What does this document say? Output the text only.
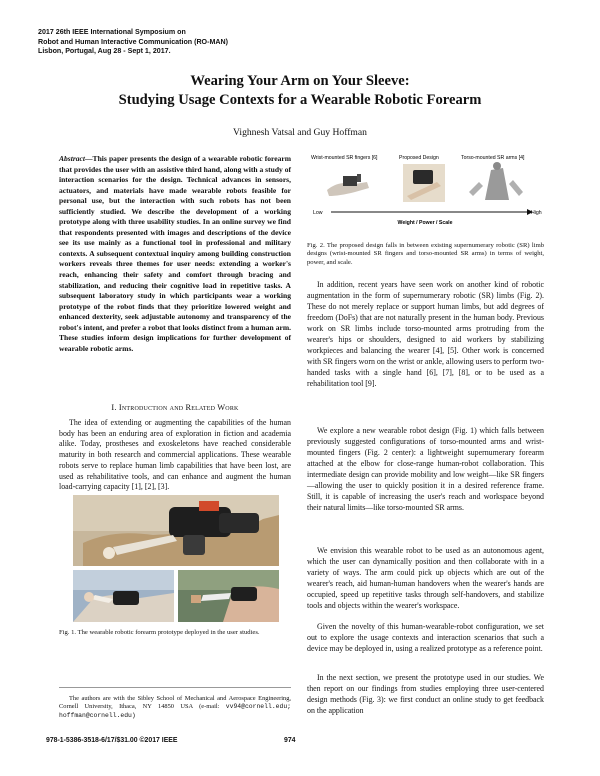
2017 26th IEEE International Symposium on
Robot and Human Interactive Communication (RO-MAN)
Lisbon, Portugal, Aug 28 - Sept 1, 2017.
Wearing Your Arm on Your Sleeve:
Studying Usage Contexts for a Wearable Robotic Forearm
Vighnesh Vatsal and Guy Hoffman
Abstract—This paper presents the design of a wearable robotic forearm that provides the user with an assistive third hand, along with a study of interaction scenarios for the design. Technical advances in sensors, actuators, and materials have made wearable robots feasible for personal use, but the interaction with such robots has not been sufficiently studied. We describe the development of a working prototype along with three usability studies. In an online survey we find that respondents presented with images and descriptions of the device see its use mainly as a functional tool in professional and military contexts. A subsequent contextual inquiry among building construction workers reveals three themes for user needs: extending a worker's reach, enhancing their safety and comfort through bracing and stabilization, and reducing their cognitive load in repetitive tasks. A subsequent laboratory study in which participants wear a working prototype of the robot finds that they prioritize lowered weight and enhanced dexterity, seek adjustable autonomy and transparency of the robot's intent, and prefer a robot that looks distinct from a human arm. These studies inform design implications for further development of wearable robotic arms.
I. Introduction and Related Work
The idea of extending or augmenting the capabilities of the human body has been an enduring area of exploration in fiction and academia alike. Today, prostheses and exoskeletons have reached considerable maturity in both research and commercial applications. These wearable robots serve to replace human limb capabilities that have been lost, are used as rehabilitative tools, and can enhance and augment the human load-carrying capacity [1], [2], [3].
Fig. 1. The wearable robotic forearm prototype deployed in the user studies.
The authors are with the Sibley School of Mechanical and Aerospace Engineering, Cornell University, Ithaca, NY 14850 USA (e-mail: vv94@cornell.edu; hoffman@cornell.edu)
Wrist-mounted SR fingers [6]	Proposed Design	Torso-mounted SR arms [4]
Low	High
Weight / Power / Scale
Fig. 2. The proposed design falls in between existing supernumerary robotic (SR) limb designs (wrist-mounted SR fingers and torso-mounted SR arms) in terms of weight, power, and scale.
In addition, recent years have seen work on another kind of robotic augmentation in the form of supernumerary robotic (SR) limbs (Fig. 2). These do not merely replace or support human limbs, but add degrees of freedom (DoFs) that are not naturally present in the human body. Previous work on SR limbs include torso-mounted arms protruding from the wearer's hips or shoulders, designed to aid workers by stabilizing workpieces and balancing the wearer [4], [5]. Other work is concerned with SR fingers worn on the wrist or ankle, allowing users to perform two-handed tasks with a single hand [6], [7], [8], or to be used as a rehabilitation tool [9].
We explore a new wearable robot design (Fig. 1) which falls between previously suggested configurations of torso-mounted arms and wrist-mounted fingers (Fig. 2 center): a lightweight supernumerary forearm attached at the elbow for close-range human-robot collaboration. This intermediate design can provide mobility and low weight—like SR fingers—allowing the user to quickly position it in a desired reference frame. Still, it is capable of increasing the user's reach and workspace beyond their natural limits—like torso-mounted SR arms.
We envision this wearable robot to be used as an autonomous agent, which the user can dynamically position and then collaborate with in a variety of ways. The arm could pick up objects which are out of the wearer's reach, aid human-human handovers when the wearer's hands are occupied, speed up repetitive tasks through self-handovers, and stabilize tools and objects within the wearer's workspace.
Given the novelty of this human-wearable-robot configuration, we set out to explore the usage contexts and interaction scenarios that such a device may be deployed in, using a realized prototype as a reference point.
In the next section, we present the prototype used in our studies. We then report on our findings from studies employing three user-centered design methods (Fig. 3): we first conduct an online study to get feedback on the application
978-1-5386-3518-6/17/$31.00 ©2017 IEEE	974
